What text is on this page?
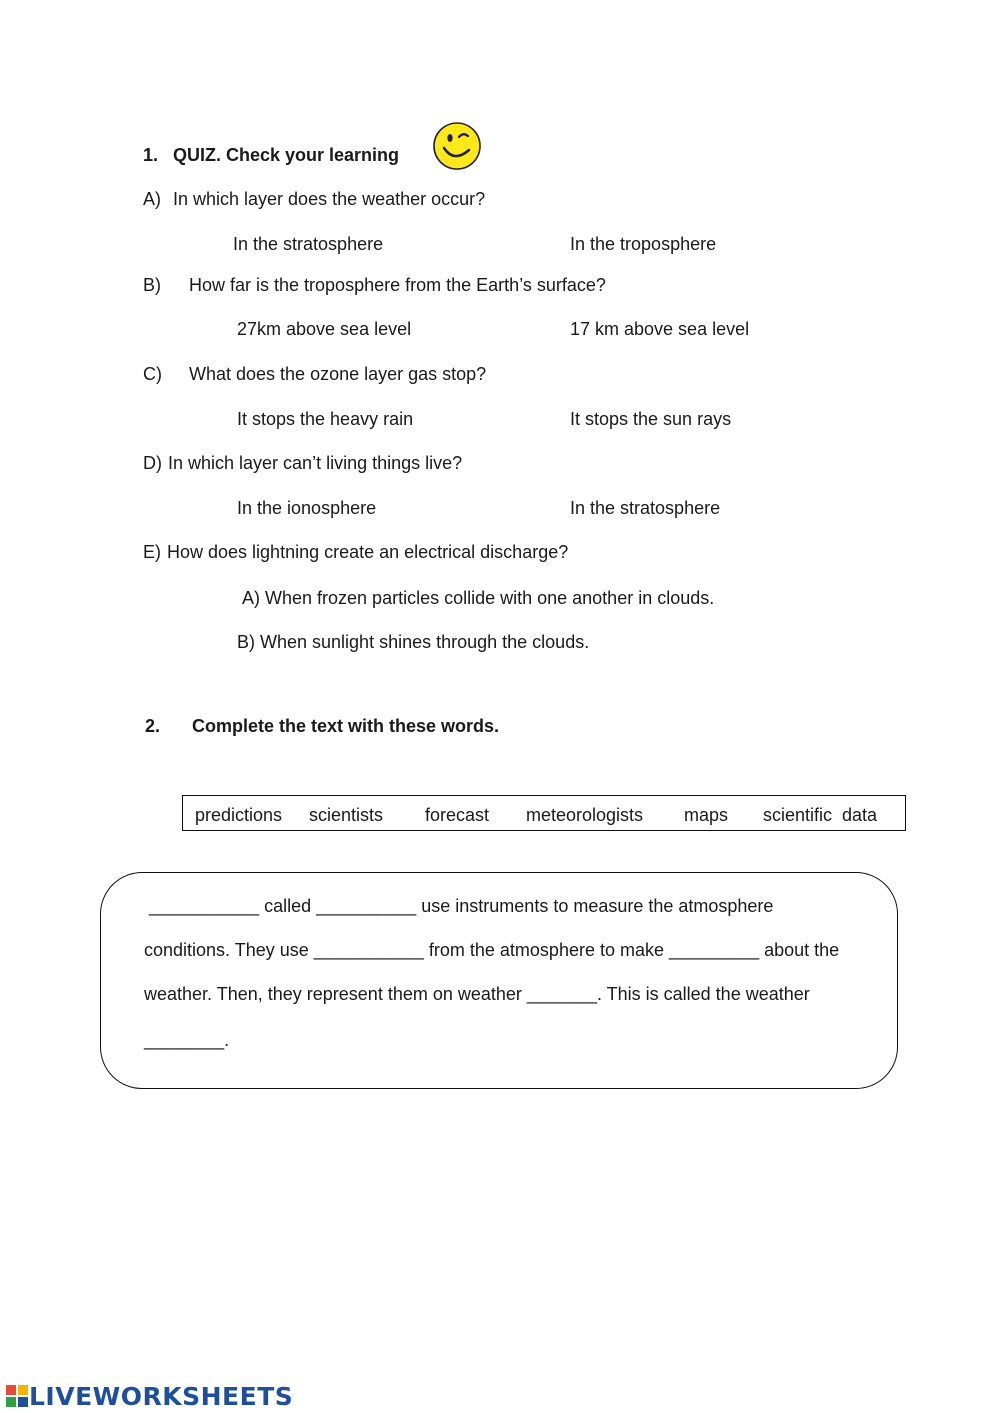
1. QUIZ. Check your learning
A) In which layer does the weather occur?
In the stratosphere	In the troposphere
B) How far is the troposphere from the Earth’s surface?
27km above sea level	17 km above sea level
C) What does the ozone layer gas stop?
It stops the heavy rain	It stops the sun rays
D) In which layer can’t living things live?
In the ionosphere	In the stratosphere
E) How does lightning create an electrical discharge?
A) When frozen particles collide with one another in clouds.
B) When sunlight shines through the clouds.
2. Complete the text with these words.
predictions scientists forecast meteorologists maps scientific  data
___________ called __________ use instruments to measure the atmosphere
conditions. They use ___________ from the atmosphere to make _________ about the
weather. Then, they represent them on weather _______. This is called the weather
________.
LIVEWORKSHEETS
